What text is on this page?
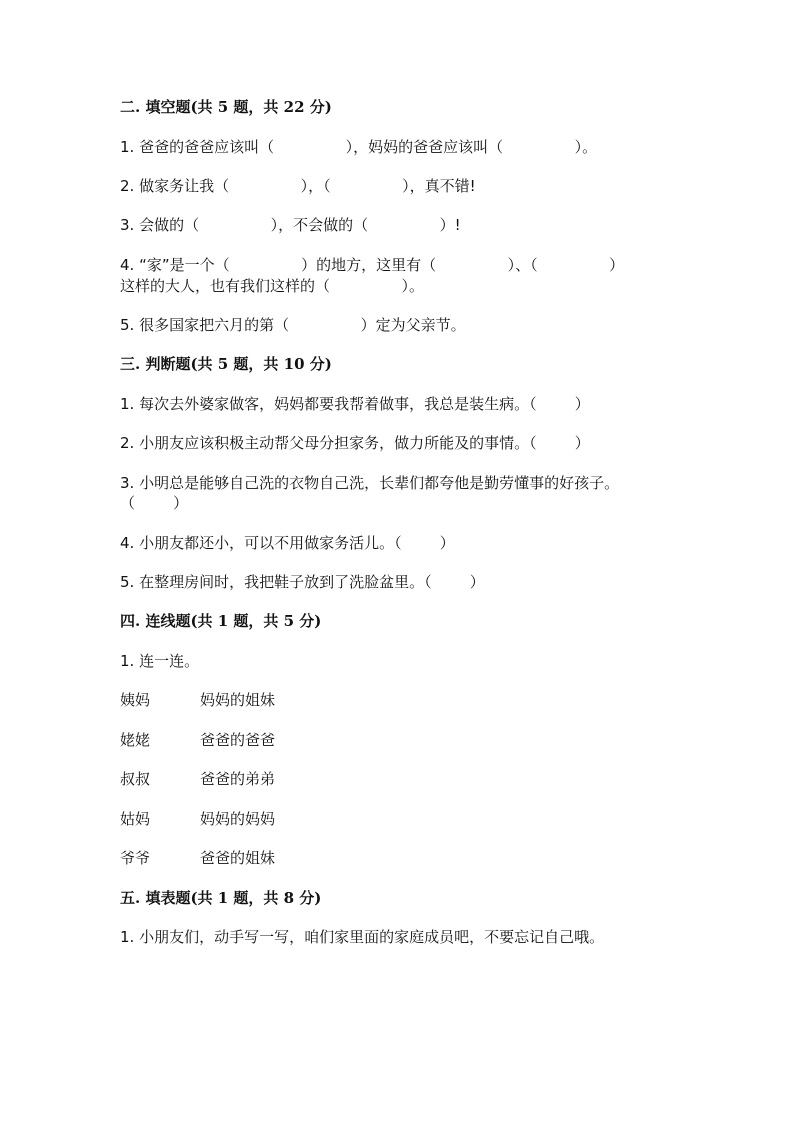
二. 填空题(共 5 题，共 22 分)
1. 爸爸的爸爸应该叫（               ），妈妈的爸爸应该叫（               ）。
2. 做家务让我（               ），（               ），真不错!
3. 会做的（               ），不会做的（               ）!
4. “家”是一个（               ）的地方，这里有（               ）、（               ）
这样的大人，也有我们这样的（               ）。
5. 很多国家把六月的第（               ）定为父亲节。
三. 判断题(共 5 题，共 10 分)
1. 每次去外婆家做客，妈妈都要我帮着做事，我总是装生病。（        ）
2. 小朋友应该积极主动帮父母分担家务，做力所能及的事情。（        ）
3. 小明总是能够自己洗的衣物自己洗，长辈们都夸他是勤劳懂事的好孩子。
（        ）
4. 小朋友都还小，可以不用做家务活儿。（        ）
5. 在整理房间时，我把鞋子放到了洗脸盆里。（        ）
四. 连线题(共 1 题，共 5 分)
1. 连一连。
姨妈	妈妈的姐妹
姥姥	爸爸的爸爸
叔叔	爸爸的弟弟
姑妈	妈妈的妈妈
爷爷	爸爸的姐妹
五. 填表题(共 1 题，共 8 分)
1. 小朋友们，动手写一写，咱们家里面的家庭成员吧，不要忘记自己哦。
